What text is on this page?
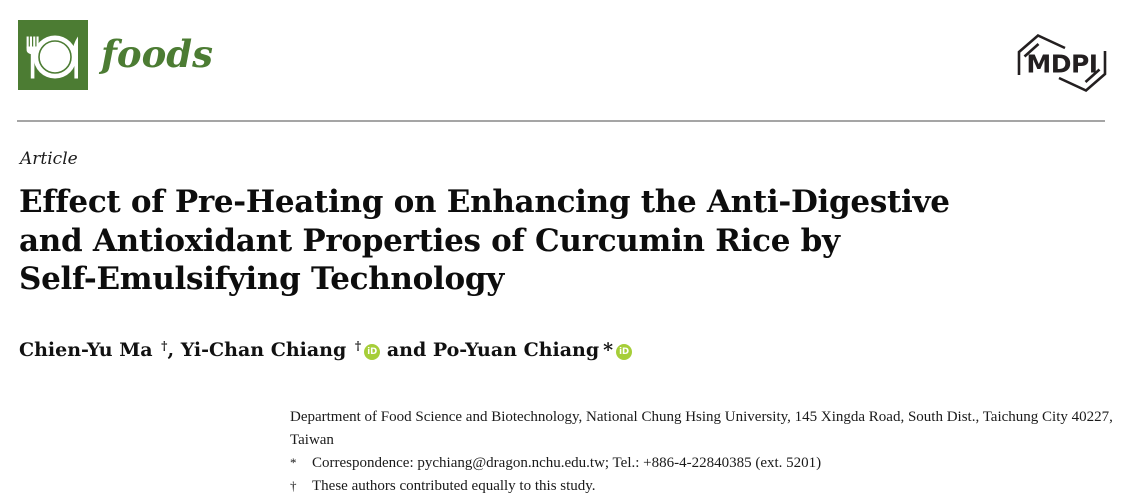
foods	MDPI
Article
Effect of Pre-Heating on Enhancing the Anti-Digestive
and Antioxidant Properties of Curcumin Rice by
Self-Emulsifying Technology
Chien-Yu Ma †, Yi-Chan Chiang † iD and Po-Yuan Chiang * iD
Department of Food Science and Biotechnology, National Chung Hsing University, 145 Xingda Road, South Dist., Taichung City 40227, Taiwan
*	Correspondence: pychiang@dragon.nchu.edu.tw; Tel.: +886-4-22840385 (ext. 5201)
†	These authors contributed equally to this study.
